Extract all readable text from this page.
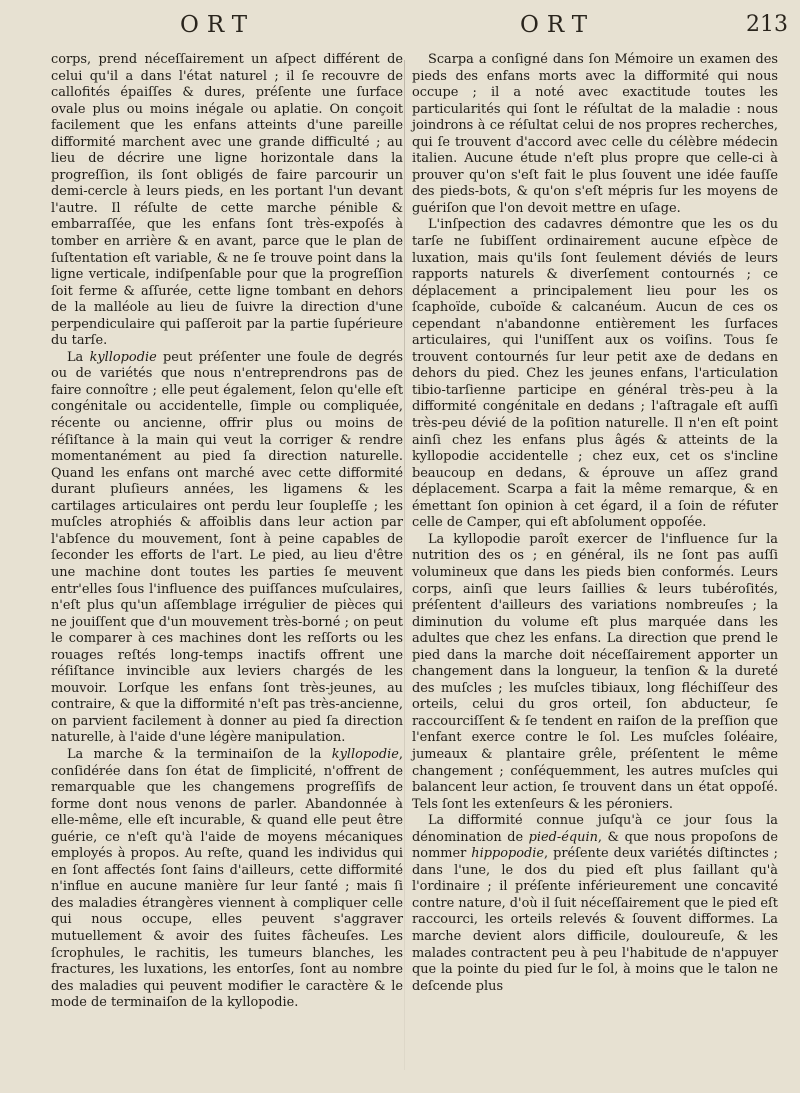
ORT	ORT	213

corps, prend néceſſairement un aſpect différent de celui qu'il a dans l'état naturel ; il ſe recouvre de callofités épaiſſes & dures, préſente une ſurface ovale plus ou moins inégale ou aplatie. On conçoit facilement que les enfans atteints d'une pareille difformité marchent avec une grande difficulté ; au lieu de décrire une ligne horizontale dans la progreſſion, ils ſont obligés de faire parcourir un demi-cercle à leurs pieds, en les portant l'un devant l'autre. Il réſulte de cette marche pénible & embarraſſée, que les enfans ſont très-expoſés à tomber en arrière & en avant, parce que le plan de ſuſtentation eſt variable, & ne ſe trouve point dans la ligne verticale, indiſpenſable pour que la progreſſion ſoit ferme & aſſurée, cette ligne tombant en dehors de la malléole au lieu de ſuivre la direction d'une perpendiculaire qui paſſeroit par la partie ſupérieure du tarſe.

La kyllopodie peut préſenter une foule de degrés ou de variétés que nous n'entreprendrons pas de faire connoître ; elle peut également, ſelon qu'elle eſt congénitale ou accidentelle, ſimple ou compliquée, récente ou ancienne, offrir plus ou moins de réſiſtance à la main qui veut la corriger & rendre momentanément au pied ſa direction naturelle. Quand les enfans ont marché avec cette difformité durant pluſieurs années, les ligamens & les cartilages articulaires ont perdu leur ſoupleſſe ; les muſcles atrophiés & affoiblis dans leur action par l'abſence du mouvement, ſont à peine capables de ſeconder les efforts de l'art. Le pied, au lieu d'être une machine dont toutes les parties ſe meuvent entr'elles ſous l'influence des puiſſances muſculaires, n'eſt plus qu'un aſſemblage irrégulier de pièces qui ne jouiſſent que d'un mouvement très-borné ; on peut le comparer à ces machines dont les reſſorts ou les rouages reſtés long-temps inactifs offrent une réſiſtance invincible aux leviers chargés de les mouvoir. Lorſque les enfans ſont très-jeunes, au contraire, & que la difformité n'eſt pas très-ancienne, on parvient facilement à donner au pied ſa direction naturelle, à l'aide d'une légère manipulation.

La marche & la terminaiſon de la kyllopodie, conſidérée dans ſon état de ſimplicité, n'offrent de remarquable que les changemens progreſſifs de forme dont nous venons de parler. Abandonnée à elle-même, elle eſt incurable, & quand elle peut être guérie, ce n'eſt qu'à l'aide de moyens mécaniques employés à propos. Au reſte, quand les individus qui en ſont affectés ſont ſains d'ailleurs, cette difformité n'influe en aucune manière ſur leur ſanté ; mais ſi des maladies étrangères viennent à compliquer celle qui nous occupe, elles peuvent s'aggraver mutuellement & avoir des ſuites fâcheuſes. Les ſcrophules, le rachitis, les tumeurs blanches, les fractures, les luxations, les entorſes, ſont au nombre des maladies qui peuvent modifier le caractère & le mode de terminaiſon de la kyllopodie.

Scarpa a conſigné dans ſon Mémoire un examen des pieds des enfans morts avec la difformité qui nous occupe ; il a noté avec exactitude toutes les particularités qui ſont le réſultat de la maladie : nous joindrons à ce réſultat celui de nos propres recherches, qui ſe trouvent d'accord avec celle du célèbre médecin italien. Aucune étude n'eſt plus propre que celle-ci à prouver qu'on s'eſt fait le plus ſouvent une idée fauſſe des pieds-bots, & qu'on s'eſt mépris ſur les moyens de guériſon que l'on devoit mettre en uſage.

L'inſpection des cadavres démontre que les os du tarſe ne ſubiſſent ordinairement aucune eſpèce de luxation, mais qu'ils ſont ſeulement déviés de leurs rapports naturels & diverſement contournés ; ce déplacement a principalement lieu pour les os ſcaphoïde, cuboïde & calcanéum. Aucun de ces os cependant n'abandonne entièrement les ſurfaces articulaires, qui l'uniſſent aux os voiſins. Tous ſe trouvent contournés ſur leur petit axe de dedans en dehors du pied. Chez les jeunes enfans, l'articulation tibio-tarſienne participe en général très-peu à la difformité congénitale en dedans ; l'aſtragale eſt auſſi très-peu dévié de la poſition naturelle. Il n'en eſt point ainſi chez les enfans plus âgés & atteints de la kyllopodie accidentelle ; chez eux, cet os s'incline beaucoup en dedans, & éprouve un aſſez grand déplacement. Scarpa a fait la même remarque, & en émettant ſon opinion à cet égard, il a ſoin de réfuter celle de Camper, qui eſt abſolument oppoſée.

La kyllopodie paroît exercer de l'influence ſur la nutrition des os ; en général, ils ne ſont pas auſſi volumineux que dans les pieds bien conformés. Leurs corps, ainſi que leurs ſaillies & leurs tubéroſités, préſentent d'ailleurs des variations nombreuſes ; la diminution du volume eſt plus marquée dans les adultes que chez les enfans. La direction que prend le pied dans la marche doit néceſſairement apporter un changement dans la longueur, la tenſion & la dureté des muſcles ; les muſcles tibiaux, long fléchiſſeur des orteils, celui du gros orteil, ſon abducteur, ſe raccourciſſent & ſe tendent en raiſon de la preſſion que l'enfant exerce contre le ſol. Les muſcles ſoléaire, jumeaux & plantaire grêle, préſentent le même changement ; conſéquemment, les autres muſcles qui balancent leur action, ſe trouvent dans un état oppoſé. Tels ſont les extenſeurs & les péroniers.

La difformité connue juſqu'à ce jour ſous la dénomination de pied-équin, & que nous propoſons de nommer hippopodie, préſente deux variétés diſtinctes ; dans l'une, le dos du pied eſt plus ſaillant qu'à l'ordinaire ; il préſente inférieurement une concavité contre nature, d'où il ſuit néceſſairement que le pied eſt raccourci, les orteils relevés & ſouvent difformes. La marche devient alors difficile, douloureuſe, & les malades contractent peu à peu l'habitude de n'appuyer que la pointe du pied ſur le ſol, à moins que le talon ne deſcende plus
